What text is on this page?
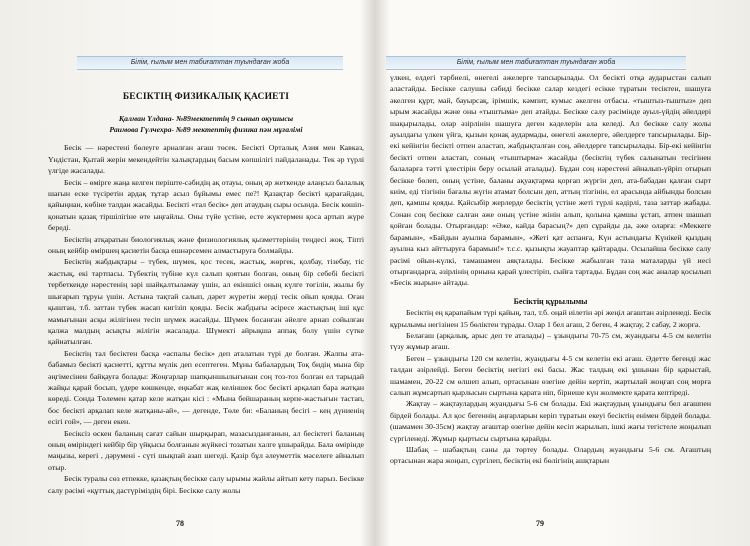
Білім, ғылым мен табиғаттан туындаған жоба
БЕСІКТІҢ ФИЗИКАЛЫҚ ҚАСИЕТІ
Қалман Үлдана- №89мектептің 9 сынып оқушысы
Раимова Гүлчехра- №89 мектептің физика пән мұғалімі

Бесік — нәрестені бөлеуге арналған ағаш төсек. Бесікті Орталық Азия мен Кавказ, Үндістан, Қытай жерін мекендейтін халықтардың басым көпшілігі пайдаланады. Тек әр түрлі үлгіде жасалады.

Бесік – өмірге жаңа келген періште-сәбидің ақ отауы, оның әр жеткенде алаңсыз балалық шағын еске түсіретін ардақ тұтар асыл бұйымы емес пе?! Қазақтар бесікті қарағайдан, қайыңнан, көбіне талдан жасайды. Бесікті «тал бесік» деп атаудың сыры осында. Бесік көшіп-қонатын қазақ тіршілігіне өте ыңғайлы. Оны түйе үстіне, есте жүктермен қоса артып жүре береді.

Бесіктің атқаратын биологиялық және физиологиялық қызметтерінің теңдесі жоқ. Тіпті оның кейбір өміршең қасиетін басқа ешнәрсемен алмастыруға болмайды.

Бесіктің жабдықтары – түбек, шүмек, қос тесек, жастық, жөргек, қолбау, тізебау, тіс жастық, екі тартпасы. Түбектің түбіне күл салып қоятын болған, оның бір себебі бесікті тербеткенде нәрестенің зәрі шайқалтыламау үшін, ал екіншісі оның күлге төгілін, жылы бу шығарып тұруы үшін. Астына тақтай салып, дәрет жүретін жерді тесік ойып қояды. Оған қыштан, т.б. заттан түбек жасап кигізіп қояды. Бесік жабдығы әсіресе жастықтың іші құс мамығынан асқы жілігінен тесіп шүмек жасайды. Шүмек босанған әйелге арнап сойылған қалжа малдың асықты жілігін жасалады. Шүмекті айрықша аппақ болу үшін сүтке қайнатылған.

Бесіктің тал бесіктен басқа «аспалы бесік» деп аталатын түрі де болған. Жалпы ата-бабамыз бесікті қасиетті, құтты мүлік деп есептеген. Мұны бабалардың Тоқ бидің мына бір әңгімесінен байқауға болады: Жоңғарлар шапқыншылығынан соң тоз-тоз болған ел тарыдай жайқы қарай босып, үдере көшкенде, еңкабат жақ келіншек бос бесікті арқалап бара жатқан көреді. Сонда Төлемен қатар келе жатқан кісі : «Мына бейшараның керпе-жастығын тастап, бос бесікті арқалап келе жатқаны-ай», — дегенде, Төле би: «Баланың бесігі – кең дүниенің есігі ғой», — деген екен.

Бесіксіз өскен баланың сағат сайын шырқырап, мазасызданғанын, ал бесіктегі баланың оның өміріндегі кейбір бір үйқысы болғанын жүйкесі тозатын халге ұшырайды. Бала өмірінде маңызы, керегі , дәрумені - сүті шықпай азап шегеді. Қазір бұл әлеуметтік мәселеге айналып отыр.

Бесік туралы сөз етпекке, қазақтың бесікке салу ырымы жайлы айтып кету парыз. Бесікке салу рәсімі «құттық дастүріміздің бірі. Бесікке салу жолы

78
Білім, ғылым мен табиғаттан туындаған жоба

үлкен, елдегі тәрбиелі, өнегелі әжелерге тапсырылады. Ол бесікті отқа аударыстан салып аластайды. Бесікке салушы сәбиді бесікке салар кездегі есікке тұратын тесіктен, шашуға әкелген құрт, май, бауырсақ, ірімшік, кәмпит, кумыс әкелген отбасы. «тыштыз-тыштыз» деп ырым жасайды және оны «тыштыма» деп атайды. Бесікке салу рәсімінде ауыл-үйдің әйелдері шақырылады, олар әзірлінін шашуға деген кәделерін ала келеді. Ал бесікке салу жолы ауылдағы үлкен үйга, қызын қонақ аудармады, өнегелі әжелерге, әйелдерге тапсырылады. Бір-екі кейінгін бесікті отпен аластап, жабдықталған соң, әйелдерге тапсырылады. Бір-екі кейінгін бесікті отпен аластап, соның «тыштырма» жасайды (бесіктің түбек салынатын тесігінен балаларға тәтті ұлестірін беру осылай аталады). Бұдан соң нәрестені айналып-үйріп отырып бесікке бөлеп, оның үстіне, баланы ақуақтарма қорғап жүргін деп, ата-бабадан қалған сырт киім, еді тізгінін бағалы жүгін атамат болсын деп, аттың тізгінін, ел арасында айбынды болсын деп, қамшы қояды. Қайсыбір жерлерде бесіктің үстіне жеті түрлі кәдірлі, таза заттар жабады. Сонан соң бесікке салған әже оның үстіне жінін алып, қолына қамшы ұстап, атпен шашып қойған болады. Отырғандар: «Әже, кайда барасың?» деп сұрайды да, әже оларға: «Меккеге барамын», «Байдын ауылна барамын», «Жеті қат аспанға, Күн астындағы Күнікей қыздың ауылна кыз айттыруға барамын!» т.с.с. қызықты жауаптар қайтарады. Осылайша бесікке салу рәсімі ойын-күлкі, тамашамен аяқталады. Бесікке жабылған таза маталарды үй иесі отырғандарға, әзірлінің орнына қарай ұлестіріп, сыйға тартады. Бұдан соң жас аналар қосылып «Бесік жырын» айтады.

Бесіктің құрылымы

Бесіктің ең қарапайым түрі қайың, тал, т.б. оңай иілетін әрі жеңіл ағаштан әзірленеді. Бесік құрылымы негізінен 15 бөліктен тұрады. Олар 1 бел ағаш, 2 беген, 4 жақтау, 2 сабау, 2 жорға.

Белағаш (арқалық, арыс деп те аталады) – ұзындығы 70-75 см, жуандығы 4-5 см келетін түзу жұмыр ағаш.

Беген – ұзындығы 120 см келетін, жуандығы 4-5 см келетін екі ағаш. Әдетте бегенді жас талдан әзірлейді. Беген бесіктің негізгі екі басы. Жас талдың екі ұшынан бір қарыстай, шамамен, 20-22 см өлшеп алып, ортасынан өзегіне дейін кертіп, жартылай жоңғап соң морға салып жұмсартып қырлысын сыртына қарата иіп, бірнеше күн жолмекте қарата кептіреді.

Жақтау – жақтаулардың жуандығы 5-6 см болады. Екі жақтаудың ұзындығы бел ағашпен бірдей болады. Ал қос бегеннің аңғарларын керіп тұратын екеуі бесіктің енімен бірдей болады. (шамамен 30-35см) жақтау ағаштар өзегіне дейін кесіп жарылып, ішкі жағы тегістеле жоңылып сүргіленеді. Жұмыр қыртысы сыртына қарайды.

Шабақ – шабақтың саны да төртеу болады. Олардың жуандығы 5-6 см. Ағаштың ортасынан жара жоңып, сүргілеп, бесіктің екі бөлігінің ашқтарын

79
